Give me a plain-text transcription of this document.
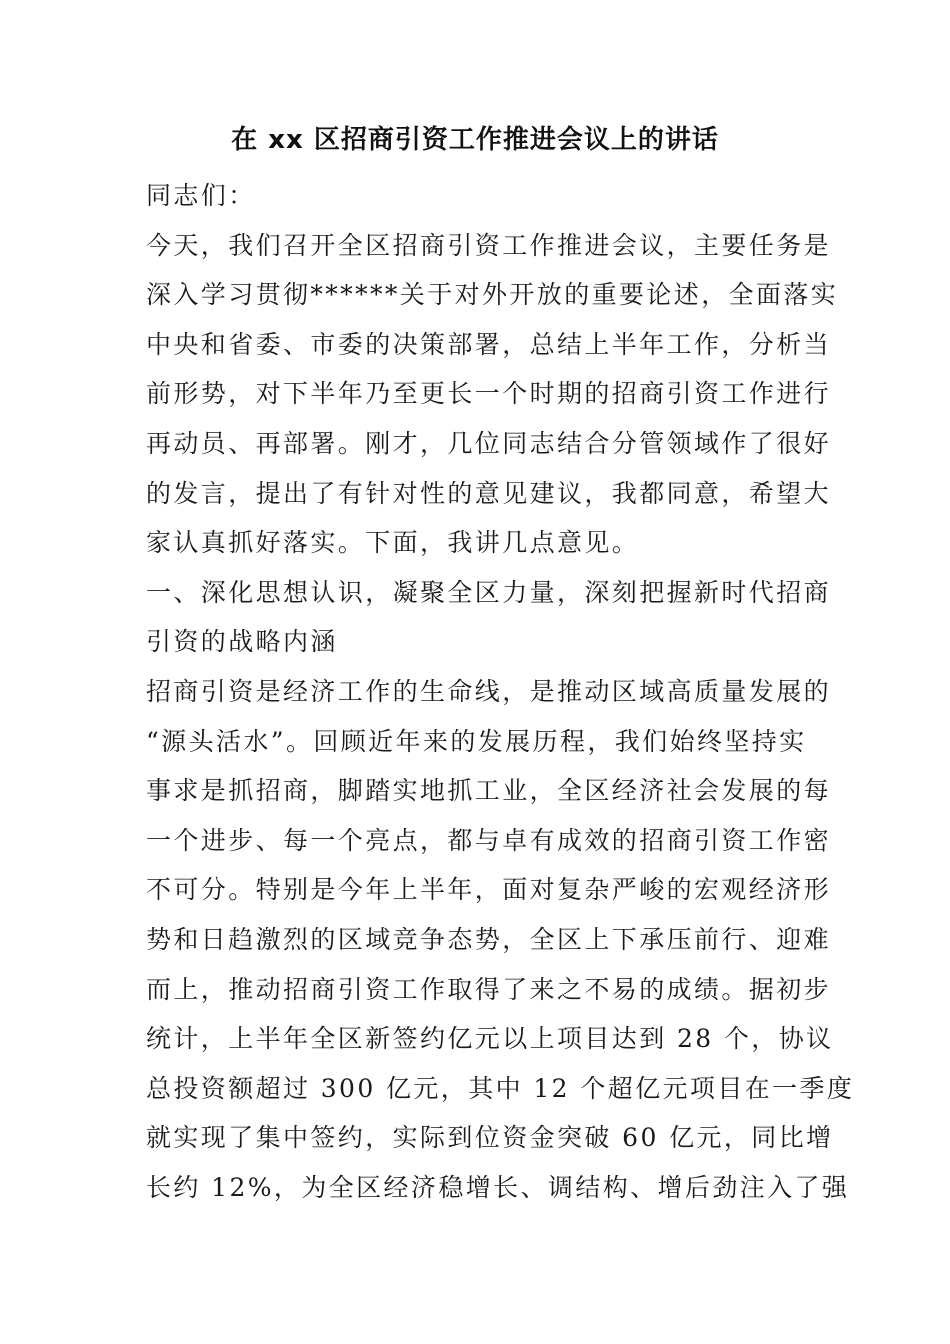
在 xx 区招商引资工作推进会议上的讲话
同志们：
今天，我们召开全区招商引资工作推进会议，主要任务是
深入学习贯彻******关于对外开放的重要论述，全面落实
中央和省委、市委的决策部署，总结上半年工作，分析当
前形势，对下半年乃至更长一个时期的招商引资工作进行
再动员、再部署。刚才，几位同志结合分管领域作了很好
的发言，提出了有针对性的意见建议，我都同意，希望大
家认真抓好落实。下面，我讲几点意见。
一、深化思想认识，凝聚全区力量，深刻把握新时代招商
引资的战略内涵
招商引资是经济工作的生命线，是推动区域高质量发展的
“源头活水”。回顾近年来的发展历程，我们始终坚持实
事求是抓招商，脚踏实地抓工业，全区经济社会发展的每
一个进步、每一个亮点，都与卓有成效的招商引资工作密
不可分。特别是今年上半年，面对复杂严峻的宏观经济形
势和日趋激烈的区域竞争态势，全区上下承压前行、迎难
而上，推动招商引资工作取得了来之不易的成绩。据初步
统计，上半年全区新签约亿元以上项目达到 28 个，协议
总投资额超过 300 亿元，其中 12 个超亿元项目在一季度
就实现了集中签约，实际到位资金突破 60 亿元，同比增
长约 12%，为全区经济稳增长、调结构、增后劲注入了强
